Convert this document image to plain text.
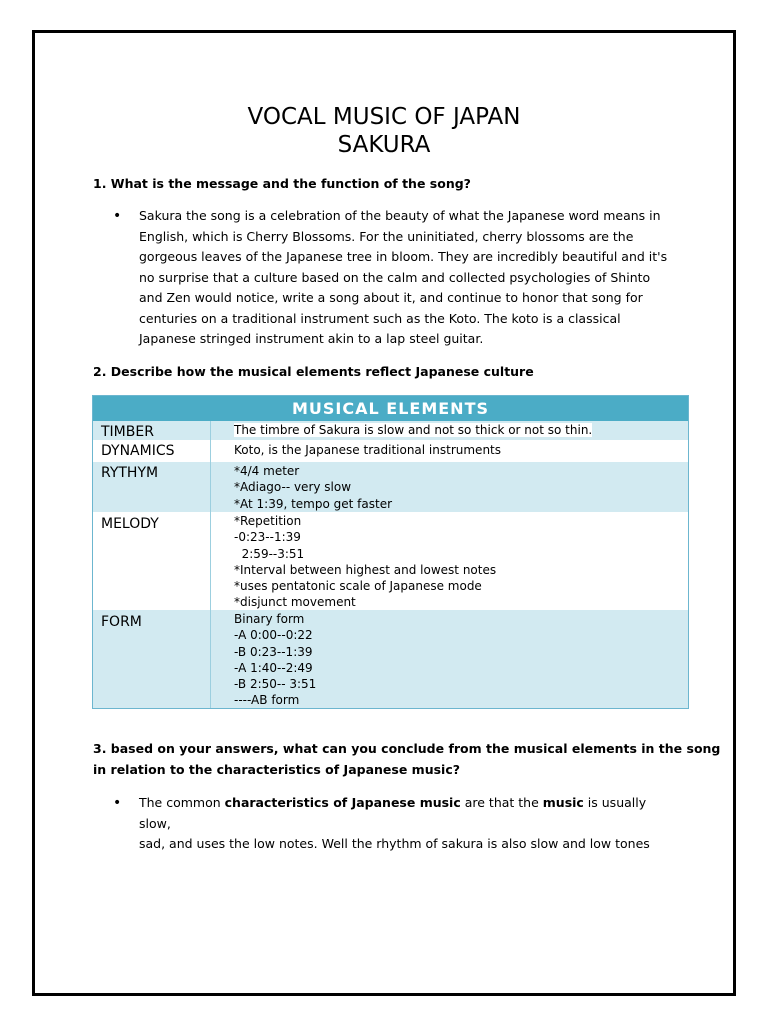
VOCAL MUSIC OF JAPAN
SAKURA
1. What is the message and the function of the song?
• Sakura the song is a celebration of the beauty of what the Japanese word means in English, which is Cherry Blossoms. For the uninitiated, cherry blossoms are the gorgeous leaves of the Japanese tree in bloom. They are incredibly beautiful and it's no surprise that a culture based on the calm and collected psychologies of Shinto and Zen would notice, write a song about it, and continue to honor that song for centuries on a traditional instrument such as the Koto. The koto is a classical Japanese stringed instrument akin to a lap steel guitar.
2. Describe how the musical elements reflect Japanese culture
MUSICAL ELEMENTS
TIMBER	The timbre of Sakura is slow and not so thick or not so thin.
DYNAMICS	Koto, is the Japanese traditional instruments
RYTHYM	*4/4 meter
*Adiago-- very slow
*At 1:39, tempo get faster
MELODY	*Repetition
-0:23‑‑1:39
2:59‑‑3:51
*Interval between highest and lowest notes
*uses pentatonic scale of Japanese mode
*disjunct movement
FORM	Binary form
-A 0:00‑‑0:22
-B 0:23‑‑1:39
-A 1:40‑‑2:49
-B 2:50‑‑ 3:51
----AB form
3. based on your answers, what can you conclude from the musical elements in the song
in relation to the characteristics of Japanese music?
• The common characteristics of Japanese music are that the music is usually slow,
sad, and uses the low notes. Well the rhythm of sakura is also slow and low tones
